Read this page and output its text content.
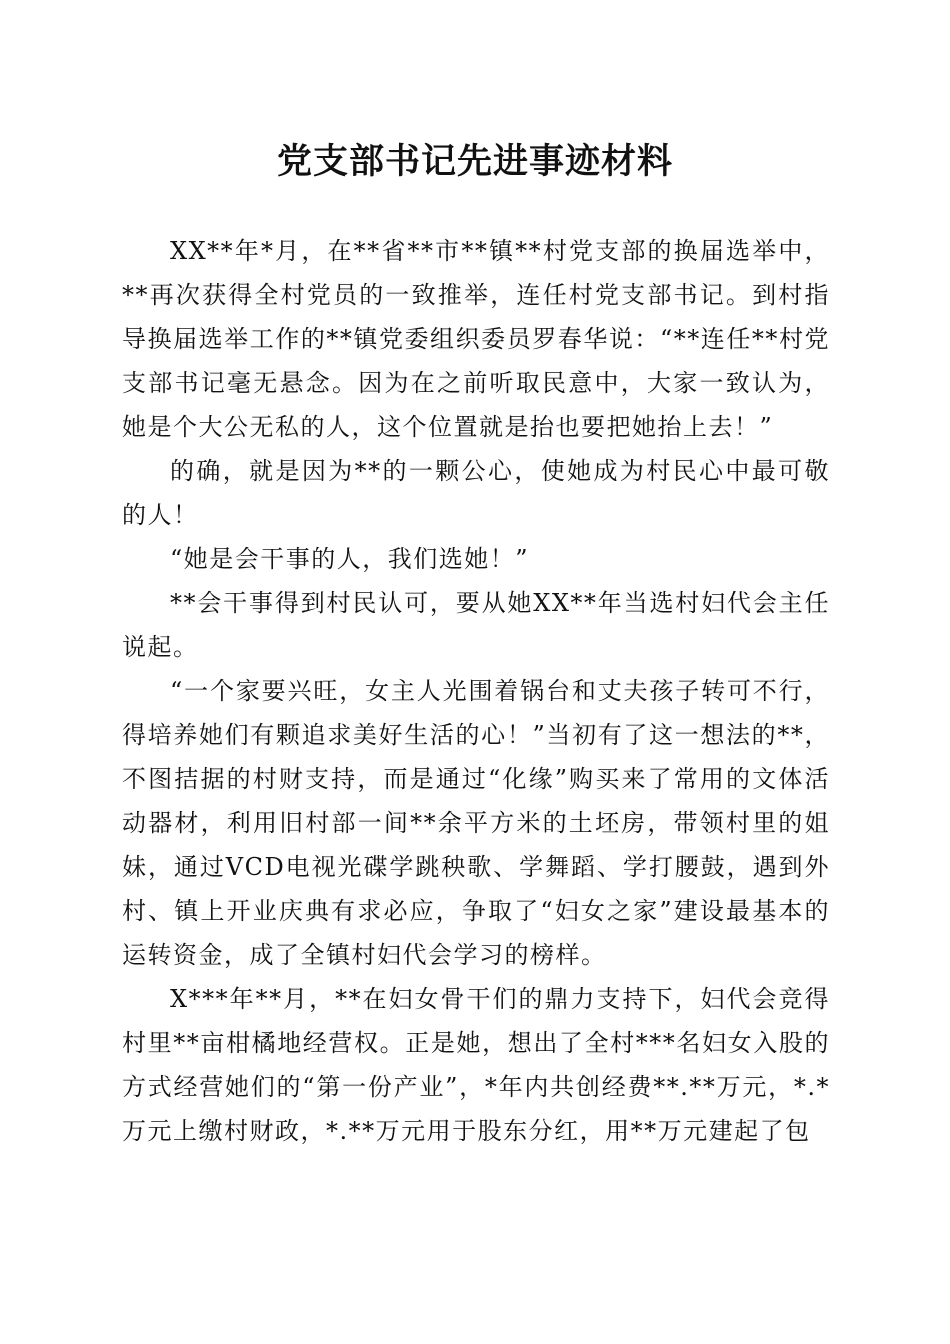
党支部书记先进事迹材料

XX**年*月，在**省**市**镇**村党支部的换届选举中，**再次获得全村党员的一致推举，连任村党支部书记。到村指导换届选举工作的**镇党委组织委员罗春华说：“**连任**村党支部书记毫无悬念。因为在之前听取民意中，大家一致认为，她是个大公无私的人，这个位置就是抬也要把她抬上去！”

的确，就是因为**的一颗公心，使她成为村民心中最可敬的人！

“她是会干事的人，我们选她！”

**会干事得到村民认可，要从她XX**年当选村妇代会主任说起。

“一个家要兴旺，女主人光围着锅台和丈夫孩子转可不行，得培养她们有颗追求美好生活的心！”当初有了这一想法的**，不图拮据的村财支持，而是通过“化缘”购买来了常用的文体活动器材，利用旧村部一间**余平方米的土坯房，带领村里的姐妹，通过VCD电视光碟学跳秧歌、学舞蹈、学打腰鼓，遇到外村、镇上开业庆典有求必应，争取了“妇女之家”建设最基本的运转资金，成了全镇村妇代会学习的榜样。

X***年**月，**在妇女骨干们的鼎力支持下，妇代会竞得村里**亩柑橘地经营权。正是她，想出了全村***名妇女入股的方式经营她们的“第一份产业”，*年内共创经费**.**万元，*.*万元上缴村财政，*.**万元用于股东分红，用**万元建起了包
